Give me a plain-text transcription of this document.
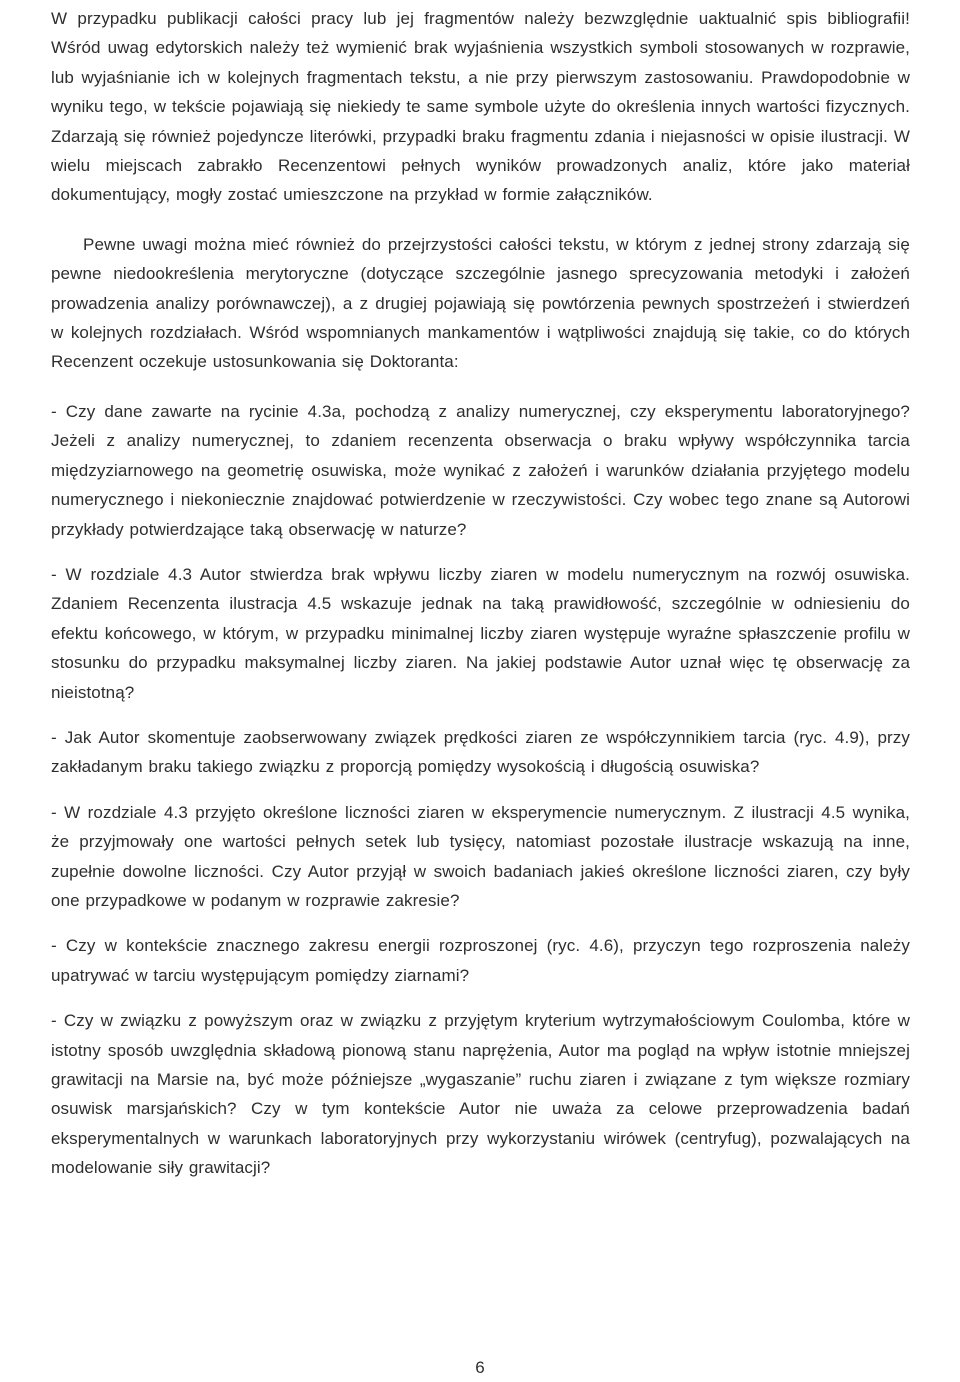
W przypadku publikacji całości pracy lub jej fragmentów należy bezwzględnie uaktualnić spis bibliografii! Wśród uwag edytorskich należy też wymienić brak wyjaśnienia wszystkich symboli stosowanych w rozprawie, lub wyjaśnianie ich w kolejnych fragmentach tekstu, a nie przy pierwszym zastosowaniu. Prawdopodobnie w wyniku tego, w tekście pojawiają się niekiedy te same symbole użyte do określenia innych wartości fizycznych. Zdarzają się również pojedyncze literówki, przypadki braku fragmentu zdania i niejasności w opisie ilustracji. W wielu miejscach zabrakło Recenzentowi pełnych wyników prowadzonych analiz, które jako materiał dokumentujący, mogły zostać umieszczone na przykład w formie załączników.

Pewne uwagi można mieć również do przejrzystości całości tekstu, w którym z jednej strony zdarzają się pewne niedookreślenia merytoryczne (dotyczące szczególnie jasnego sprecyzowania metodyki i założeń prowadzenia analizy porównawczej), a z drugiej pojawiają się powtórzenia pewnych spostrzeżeń i stwierdzeń w kolejnych rozdziałach. Wśród wspomnianych mankamentów i wątpliwości znajdują się takie, co do których Recenzent oczekuje ustosunkowania się Doktoranta:

- Czy dane zawarte na rycinie 4.3a, pochodzą z analizy numerycznej, czy eksperymentu laboratoryjnego? Jeżeli z analizy numerycznej, to zdaniem recenzenta obserwacja o braku wpływy współczynnika tarcia międzyziarnowego na geometrię osuwiska, może wynikać z założeń i warunków działania przyjętego modelu numerycznego i niekoniecznie znajdować potwierdzenie w rzeczywistości. Czy wobec tego znane są Autorowi przykłady potwierdzające taką obserwację w naturze?

- W rozdziale 4.3 Autor stwierdza brak wpływu liczby ziaren w modelu numerycznym na rozwój osuwiska. Zdaniem Recenzenta ilustracja 4.5 wskazuje jednak na taką prawidłowość, szczególnie w odniesieniu do efektu końcowego, w którym, w przypadku minimalnej liczby ziaren występuje wyraźne spłaszczenie profilu w stosunku do przypadku maksymalnej liczby ziaren. Na jakiej podstawie Autor uznał więc tę obserwację za nieistotną?

- Jak Autor skomentuje zaobserwowany związek prędkości ziaren ze współczynnikiem tarcia (ryc. 4.9), przy zakładanym braku takiego związku z proporcją pomiędzy wysokością i długością osuwiska?

- W rozdziale 4.3 przyjęto określone liczności ziaren w eksperymencie numerycznym. Z ilustracji 4.5 wynika, że przyjmowały one wartości pełnych setek lub tysięcy, natomiast pozostałe ilustracje wskazują na inne, zupełnie dowolne liczności. Czy Autor przyjął w swoich badaniach jakieś określone liczności ziaren, czy były one przypadkowe w podanym w rozprawie zakresie?

- Czy w kontekście znacznego zakresu energii rozproszonej (ryc. 4.6), przyczyn tego rozproszenia należy upatrywać w tarciu występującym pomiędzy ziarnami?

- Czy w związku z powyższym oraz w związku z przyjętym kryterium wytrzymałościowym Coulomba, które w istotny sposób uwzględnia składową pionową stanu naprężenia, Autor ma pogląd na wpływ istotnie mniejszej grawitacji na Marsie na, być może późniejsze „wygaszanie” ruchu ziaren i związane z tym większe rozmiary osuwisk marsjańskich? Czy w tym kontekście Autor nie uważa za celowe przeprowadzenia badań eksperymentalnych w warunkach laboratoryjnych przy wykorzystaniu wirówek (centryfug), pozwalających na modelowanie siły grawitacji?

6
